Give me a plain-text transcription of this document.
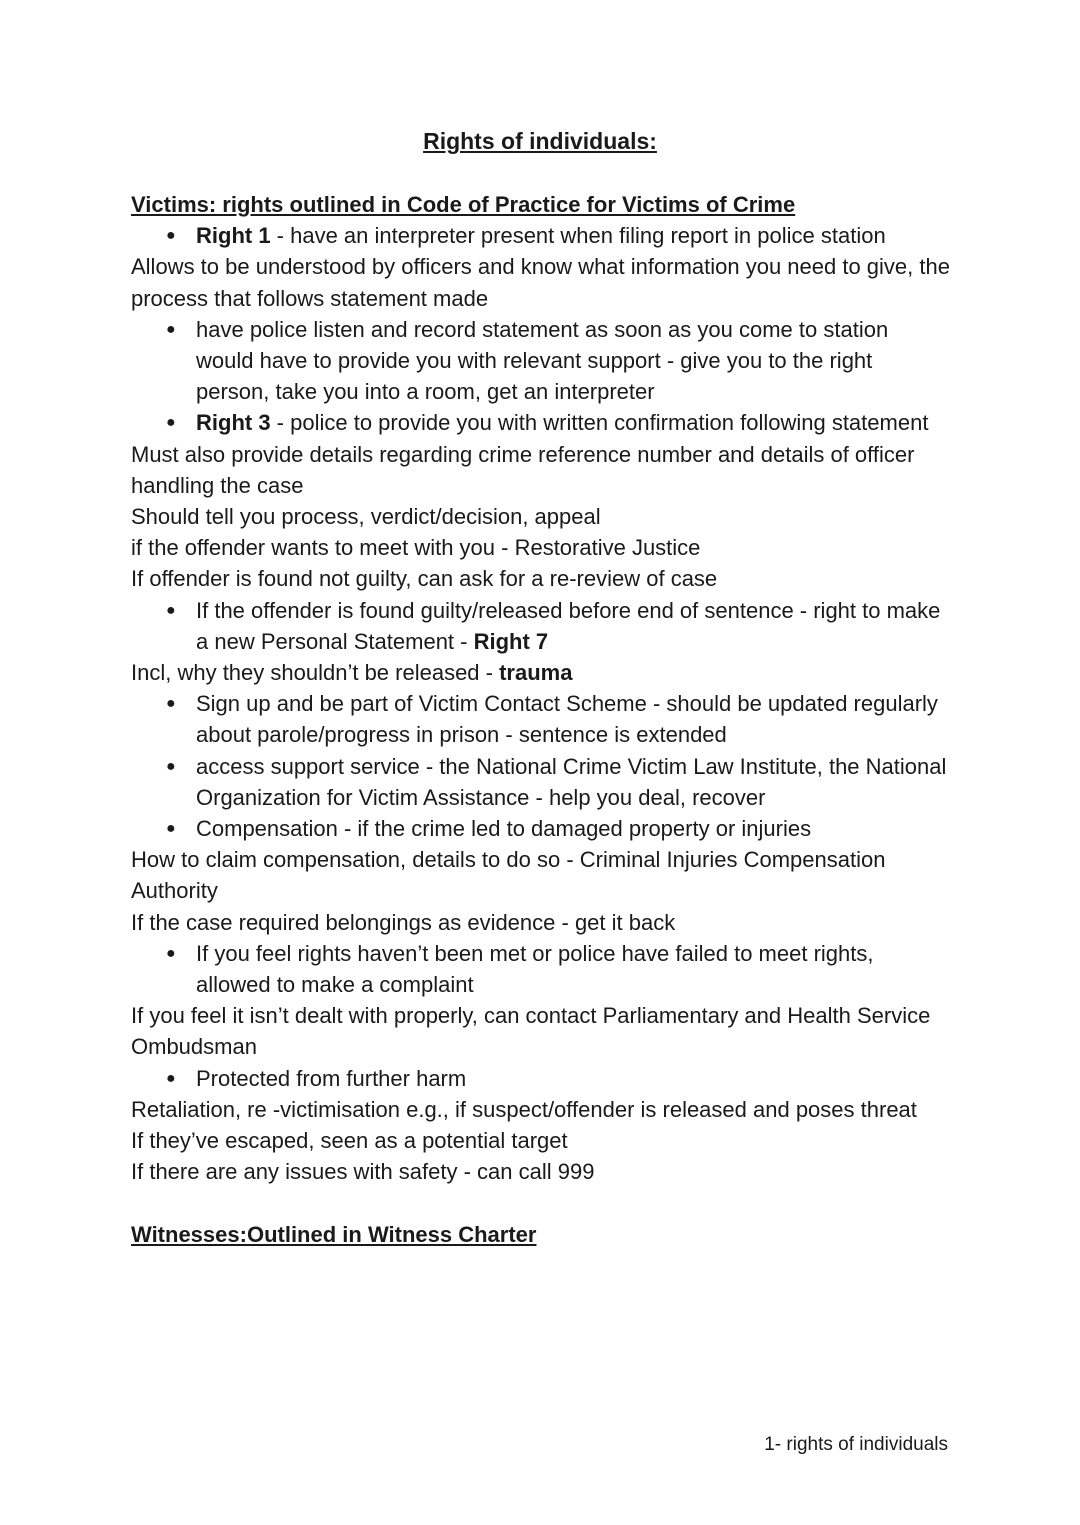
Rights of individuals:

Victims: rights outlined in Code of Practice for Victims of Crime

● Right 1 - have an interpreter present when filing report in police station

Allows to be understood by officers and know what information you need to give, the process that follows statement made

● have police listen and record statement as soon as you come to station would have to provide you with relevant support - give you to the right person, take you into a room, get an interpreter
● Right 3 - police to provide you with written confirmation following statement

Must also provide details regarding crime reference number and details of officer handling the case

Should tell you process, verdict/decision, appeal

if the offender wants to meet with you - Restorative Justice

If offender is found not guilty, can ask for a re-review of case

● If the offender is found guilty/released before end of sentence - right to make a new Personal Statement - Right 7

Incl, why they shouldn’t be released - trauma

● Sign up and be part of Victim Contact Scheme - should be updated regularly about parole/progress in prison - sentence is extended
● access support service - the National Crime Victim Law Institute, the National Organization for Victim Assistance - help you deal, recover
● Compensation - if the crime led to damaged property or injuries

How to claim compensation, details to do so - Criminal Injuries Compensation Authority

If the case required belongings as evidence - get it back

● If you feel rights haven’t been met or police have failed to meet rights, allowed to make a complaint

If you feel it isn’t dealt with properly, can contact Parliamentary and Health Service Ombudsman

● Protected from further harm

Retaliation, re -victimisation e.g., if suspect/offender is released and poses threat

If they’ve escaped, seen as a potential target

If there are any issues with safety - can call 999

Witnesses:Outlined in Witness Charter

1- rights of individuals
